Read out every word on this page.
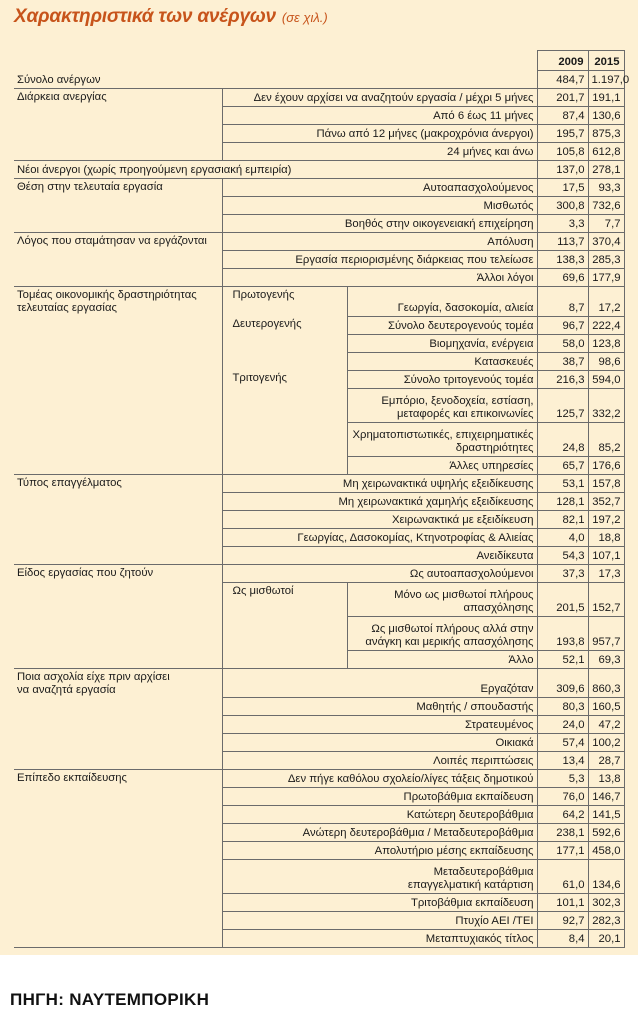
Χαρακτηριστικά των ανέργων (σε χιλ.)
			2009	2015

Σύνολο ανέργων			484,7	1.197,0

Διάρκεια ανεργίας	Δεν έχουν αρχίσει να αναζητούν εργασία / μέχρι 5 μήνες		201,7	191,1

	Από 6 έως 11 μήνες		87,4	130,6

	Πάνω από 12 μήνες (μακροχρόνια άνεργοι)		195,7	875,3

	24 μήνες και άνω		105,8	612,8

Νέοι άνεργοι (χωρίς προηγούμενη εργασιακή εμπειρία)			137,0	278,1

Θέση στην τελευταία εργασία	Αυτοαπασχολούμενος		17,5	93,3

	Μισθωτός		300,8	732,6

	Βοηθός στην οικογενειακή επιχείρηση		3,3	7,7

Λόγος που σταμάτησαν να εργάζονται	Απόλυση		113,7	370,4

	Εργασία περιορισμένης διάρκειας που τελείωσε		138,3	285,3

	Άλλοι λόγοι		69,6	177,9

Τομέας οικονομικής δραστηριότητας
τελευταίας εργασίας	Πρωτογενής	Γεωργία, δασοκομία, αλιεία	8,7	17,2
	Δευτερογενής	Σύνολο δευτερογενούς τομέα	96,7	222,4

		Βιομηχανία, ενέργεια	58,0	123,8

		Κατασκευές	38,7	98,6
	Τριτογενής	Σύνολο τριτογενούς τομέα	216,3	594,0

		Εμπόριο, ξενοδοχεία, εστίαση,
μεταφορές και επικοινωνίες	125,7	332,2

		Χρηματοπιστωτικές, επιχειρηματικές
δραστηριότητες	24,8	85,2

		Άλλες υπηρεσίες	65,7	176,6

Τύπος επαγγέλματος	Μη χειρωνακτικά υψηλής εξειδίκευσης		53,1	157,8

	Μη χειρωνακτικά χαμηλής εξειδίκευσης		128,1	352,7

	Χειρωνακτικά με εξειδίκευση		82,1	197,2

	Γεωργίας, Δασοκομίας, Κτηνοτροφίας & Αλιείας		4,0	18,8

	Ανειδίκευτα		54,3	107,1

Είδος εργασίας που ζητούν	Ως αυτοαπασχολούμενοι		37,3	17,3
	Ως μισθωτοί	Μόνο ως μισθωτοί πλήρους
απασχόλησης	201,5	152,7

		Ως μισθωτοί πλήρους αλλά στην
ανάγκη και μερικής απασχόλησης	193,8	957,7

		Άλλο	52,1	69,3

Ποια ασχολία είχε πριν αρχίσει
να αναζητά εργασία	Εργαζόταν		309,6	860,3

	Μαθητής / σπουδαστής		80,3	160,5

	Στρατευμένος		24,0	47,2

	Οικιακά		57,4	100,2

	Λοιπές περιπτώσεις		13,4	28,7

Επίπεδο εκπαίδευσης	Δεν πήγε καθόλου σχολείο/λίγες τάξεις δημοτικού		5,3	13,8

	Πρωτοβάθμια εκπαίδευση		76,0	146,7

	Κατώτερη δευτεροβάθμια		64,2	141,5

	Ανώτερη δευτεροβάθμια / Μεταδευτεροβάθμια		238,1	592,6

	Απολυτήριο μέσης εκπαίδευσης		177,1	458,0

	Μεταδευτεροβάθμια
επαγγελματική κατάρτιση		61,0	134,6

	Τριτοβάθμια εκπαίδευση		101,1	302,3

	Πτυχίο ΑΕΙ /ΤΕΙ		92,7	282,3

	Μεταπτυχιακός τίτλος		8,4	20,1
ΠΗΓΗ: ΝΑΥΤΕΜΠΟΡΙΚΗ
